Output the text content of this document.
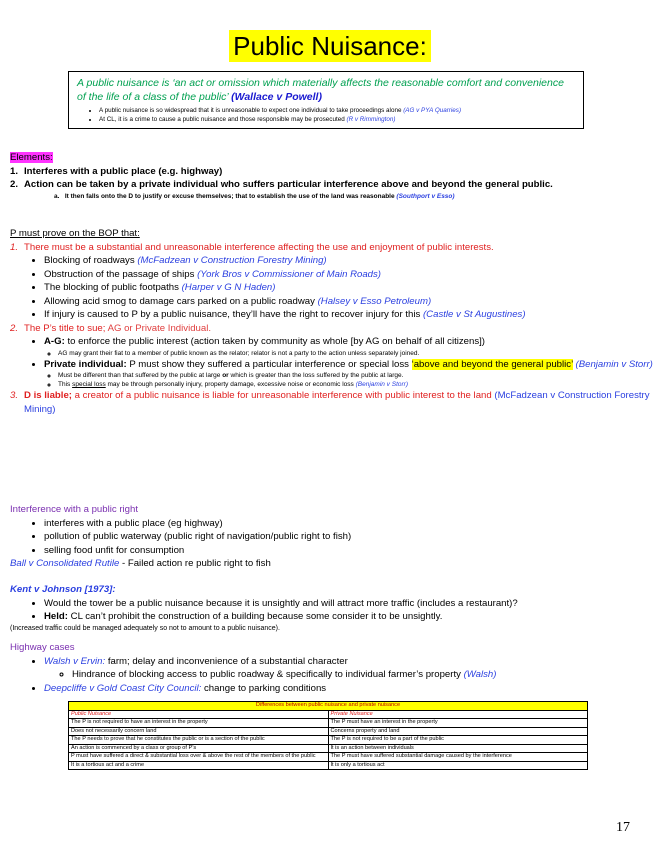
Public Nuisance:
A public nuisance is ‘an act or omission which materially affects the reasonable comfort and convenience of the life of a class of the public’ (Wallace v Powell)
• A public nuisance is so widespread that it is unreasonable to expect one individual to take proceedings alone (AG v PYA Quarries)
• At CL, it is a crime to cause a public nuisance and those responsible may be prosecuted (R v Rimmington)
Elements:
1. Interferes with a public place (e.g. highway)
2. Action can be taken by a private individual who suffers particular interference above and beyond the general public.
a. It then falls onto the D to justify or excuse themselves; that to establish the use of the land was reasonable (Southport v Esso)
P must prove on the BOP that:
1. There must be a substantial and unreasonable interference affecting the use and enjoyment of public interests.
• Blocking of roadways (McFadzean v Construction Forestry Mining)
• Obstruction of the passage of ships (York Bros v Commissioner of Main Roads)
• The blocking of public footpaths (Harper v G N Haden)
• Allowing acid smog to damage cars parked on a public roadway (Halsey v Esso Petroleum)
• If injury is caused to P by a public nuisance, they’ll have the right to recover injury for this (Castle v St Augustines)
2. The P’s title to sue; AG or Private Individual.
• A-G: to enforce the public interest (action taken by community as whole [by AG on behalf of all citizens])
◦ AG may grant their fiat to a member of public known as the relator; relator is not a party to the action unless separately joined.
• Private individual: P must show they suffered a particular interference or special loss ‘above and beyond the general public’ (Benjamin v Storr)
◦ Must be different than that suffered by the public at large or which is greater than the loss suffered by the public at large.
◦ This special loss may be through personally injury, property damage, excessive noise or economic loss (Benjamin v Storr)
3. D is liable; a creator of a public nuisance is liable for unreasonable interference with public interest to the land (McFadzean v Construction Forestry Mining)
Interference with a public right
• interferes with a public place (eg highway)
• pollution of public waterway (public right of navigation/public right to fish)
• selling food unfit for consumption
Ball v Consolidated Rutile - Failed action re public right to fish
Kent v Johnson [1973]:
• Would the tower be a public nuisance because it is unsightly and will attract more traffic (includes a restaurant)?
• Held: CL can’t prohibit the construction of a building because some consider it to be unsightly.
(Increased traffic could be managed adequately so not to amount to a public nuisance).
Highway cases
• Walsh v Ervin: farm; delay and inconvenience of a substantial character
◦ Hindrance of blocking access to public roadway & specifically to individual farmer’s property (Walsh)
• Deepcliffe v Gold Coast City Council: change to parking conditions
Differences between public nuisance and private nuisance	
Public Nuisance	Private Nuisance
The P is not required to have an interest in the property	The P must have an interest in the property
Does not necessarily concern land	Concerns property and land
The P needs to prove that he constitutes the public or is a section of the public	The P is not required to be a part of the public
An action is commenced by a class or group of P’s	It is an action between individuals
P must have suffered a direct & substantial loss over & above the rest of the members of the public	The P must have suffered substantial damage caused by the interference
It is a tortious act and a crime	It is only a tortious act
17
